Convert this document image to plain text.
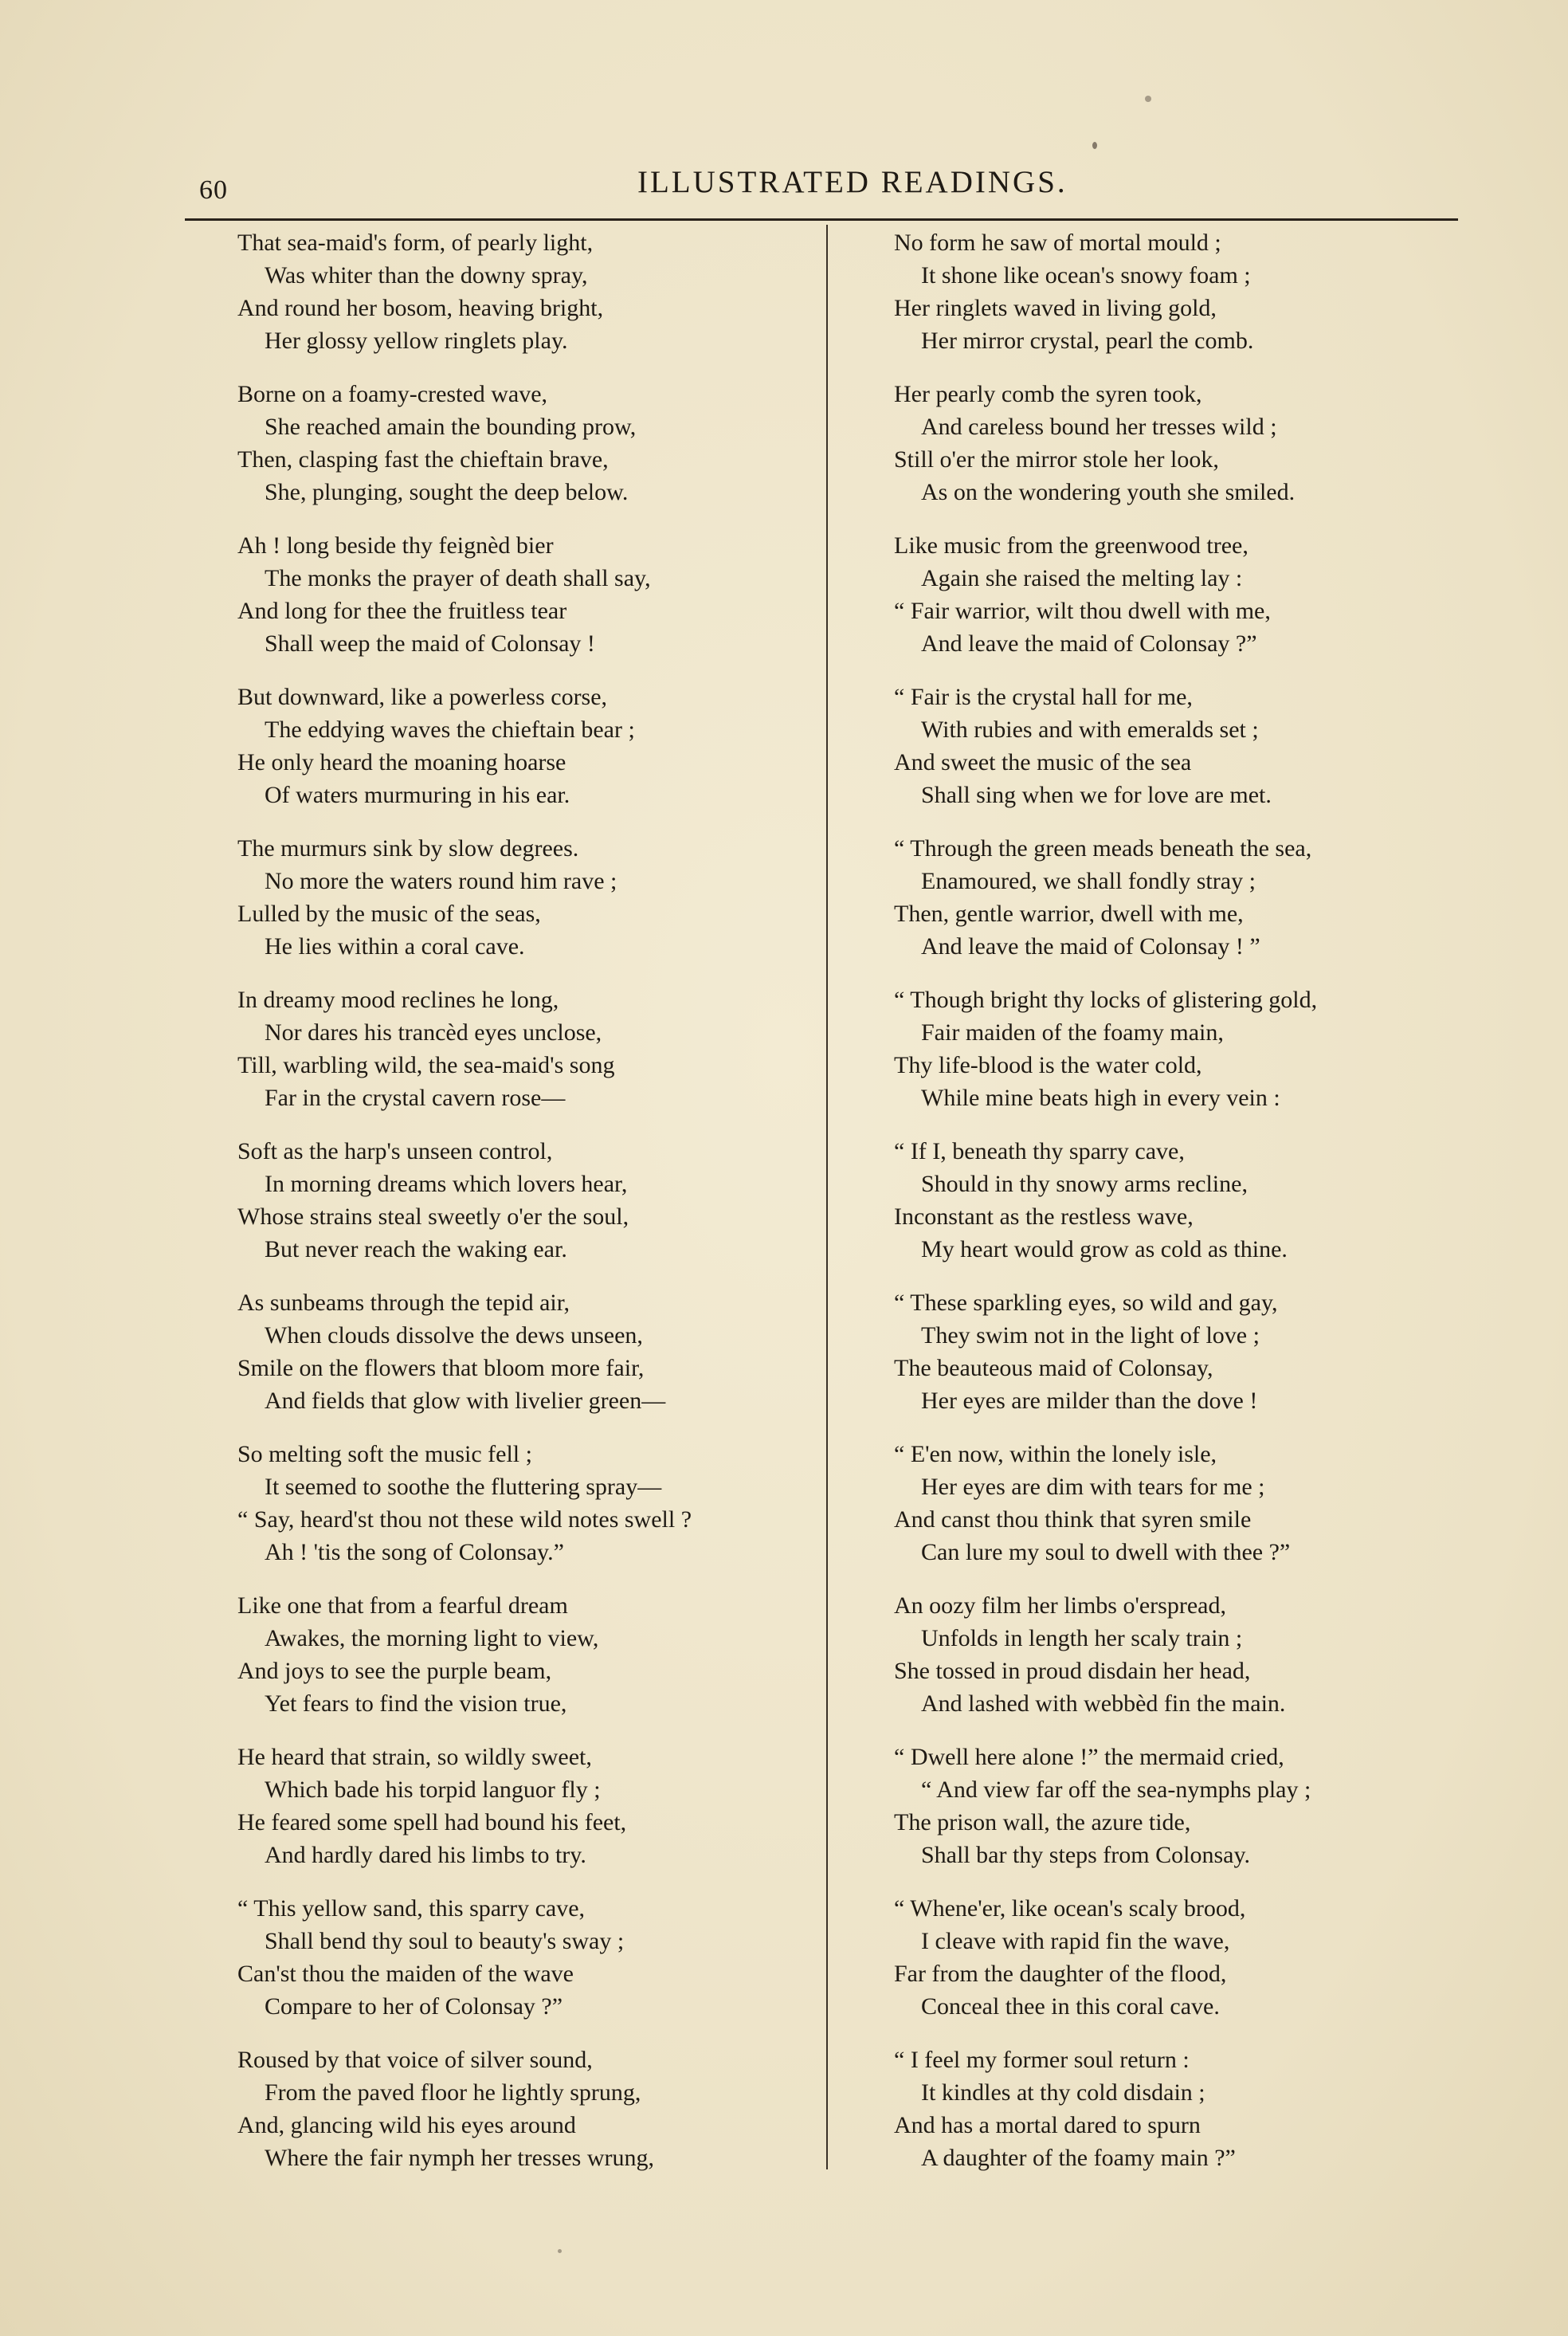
60	ILLUSTRATED READINGS.
That sea-maid's form, of pearly light,
Was whiter than the downy spray,
And round her bosom, heaving bright,
Her glossy yellow ringlets play.
Borne on a foamy-crested wave,
She reached amain the bounding prow,
Then, clasping fast the chieftain brave,
She, plunging, sought the deep below.
Ah ! long beside thy feignèd bier
The monks the prayer of death shall say,
And long for thee the fruitless tear
Shall weep the maid of Colonsay !
But downward, like a powerless corse,
The eddying waves the chieftain bear ;
He only heard the moaning hoarse
Of waters murmuring in his ear.
The murmurs sink by slow degrees.
No more the waters round him rave ;
Lulled by the music of the seas,
He lies within a coral cave.
In dreamy mood reclines he long,
Nor dares his trancèd eyes unclose,
Till, warbling wild, the sea-maid's song
Far in the crystal cavern rose—
Soft as the harp's unseen control,
In morning dreams which lovers hear,
Whose strains steal sweetly o'er the soul,
But never reach the waking ear.
As sunbeams through the tepid air,
When clouds dissolve the dews unseen,
Smile on the flowers that bloom more fair,
And fields that glow with livelier green—
So melting soft the music fell ;
It seemed to soothe the fluttering spray—
“ Say, heard'st thou not these wild notes swell ?
Ah ! 'tis the song of Colonsay.”
Like one that from a fearful dream
Awakes, the morning light to view,
And joys to see the purple beam,
Yet fears to find the vision true,
He heard that strain, so wildly sweet,
Which bade his torpid languor fly ;
He feared some spell had bound his feet,
And hardly dared his limbs to try.
“ This yellow sand, this sparry cave,
Shall bend thy soul to beauty's sway ;
Can'st thou the maiden of the wave
Compare to her of Colonsay ?”
Roused by that voice of silver sound,
From the paved floor he lightly sprung,
And, glancing wild his eyes around
Where the fair nymph her tresses wrung,
No form he saw of mortal mould ;
It shone like ocean's snowy foam ;
Her ringlets waved in living gold,
Her mirror crystal, pearl the comb.
Her pearly comb the syren took,
And careless bound her tresses wild ;
Still o'er the mirror stole her look,
As on the wondering youth she smiled.
Like music from the greenwood tree,
Again she raised the melting lay :
“ Fair warrior, wilt thou dwell with me,
And leave the maid of Colonsay ?”
“ Fair is the crystal hall for me,
With rubies and with emeralds set ;
And sweet the music of the sea
Shall sing when we for love are met.
“ Through the green meads beneath the sea,
Enamoured, we shall fondly stray ;
Then, gentle warrior, dwell with me,
And leave the maid of Colonsay ! ”
“ Though bright thy locks of glistering gold,
Fair maiden of the foamy main,
Thy life-blood is the water cold,
While mine beats high in every vein :
“ If I, beneath thy sparry cave,
Should in thy snowy arms recline,
Inconstant as the restless wave,
My heart would grow as cold as thine.
“ These sparkling eyes, so wild and gay,
They swim not in the light of love ;
The beauteous maid of Colonsay,
Her eyes are milder than the dove !
“ E'en now, within the lonely isle,
Her eyes are dim with tears for me ;
And canst thou think that syren smile
Can lure my soul to dwell with thee ?”
An oozy film her limbs o'erspread,
Unfolds in length her scaly train ;
She tossed in proud disdain her head,
And lashed with webbèd fin the main.
“ Dwell here alone !” the mermaid cried,
“ And view far off the sea-nymphs play ;
The prison wall, the azure tide,
Shall bar thy steps from Colonsay.
“ Whene'er, like ocean's scaly brood,
I cleave with rapid fin the wave,
Far from the daughter of the flood,
Conceal thee in this coral cave.
“ I feel my former soul return :
It kindles at thy cold disdain ;
And has a mortal dared to spurn
A daughter of the foamy main ?”
